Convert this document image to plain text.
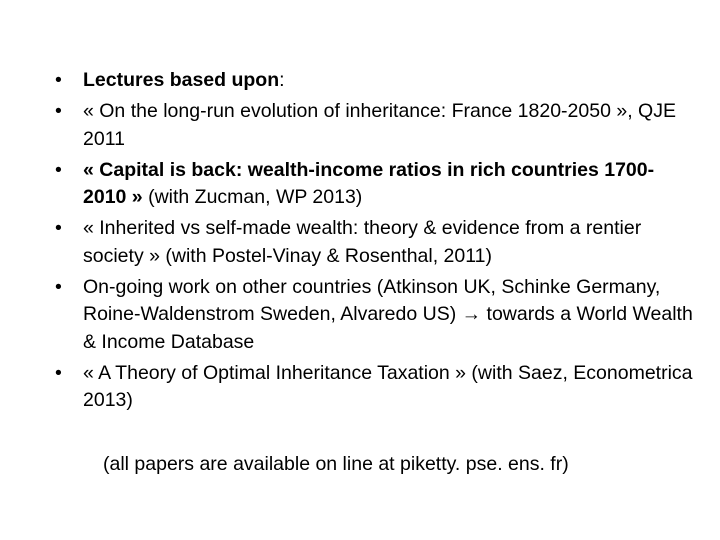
•	Lectures based upon:
•	« On the long-run evolution of inheritance: France 1820-2050 », QJE 2011
•	« Capital is back: wealth-income ratios in rich countries 1700-2010 » (with Zucman, WP 2013)
•	« Inherited vs self-made wealth: theory & evidence from a rentier society » (with Postel-Vinay & Rosenthal, 2011)
•	On-going work on other countries (Atkinson UK, Schinke Germany, Roine-Waldenstrom Sweden, Alvaredo US) → towards a World Wealth & Income Database
•	« A Theory of Optimal Inheritance Taxation » (with Saez, Econometrica 2013)
(all papers are available on line at piketty. pse. ens. fr)
